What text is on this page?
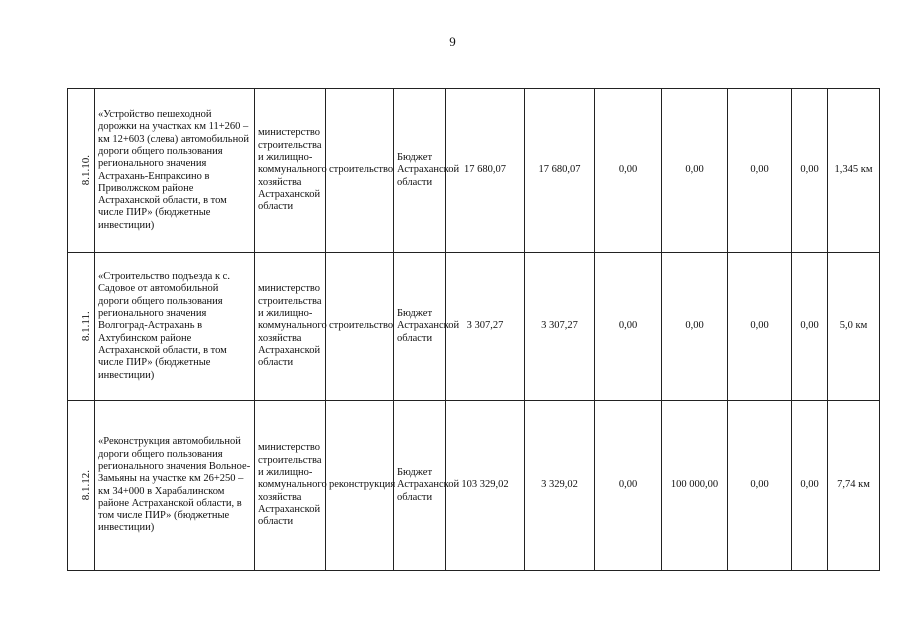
9
8.1.10.	«Устройство пешеходной дорожки на участках км 11+260 – км 12+603 (слева) автомобильной дороги общего пользования регионального значения Астрахань-Енпраксино в Приволжском районе Астраханской области, в том числе ПИР» (бюджетные инвестиции)	министерство строительства и жилищно-коммунального хозяйства Астраханской области	строительство	Бюджет Астраханской области	17 680,07	17 680,07	0,00	0,00	0,00	0,00	1,345 км
8.1.11.	«Строительство подъезда к с. Садовое от автомобильной дороги общего пользования регионального значения Волгоград-Астрахань в Ахтубинском районе Астраханской области, в том числе ПИР» (бюджетные инвестиции)	министерство строительства и жилищно-коммунального хозяйства Астраханской области	строительство	Бюджет Астраханской области	3 307,27	3 307,27	0,00	0,00	0,00	0,00	5,0 км
8.1.12.	«Реконструкция автомобильной дороги общего пользования регионального значения Вольное-Замьяны на участке км 26+250 – км 34+000 в Харабалинском районе Астраханской области, в том числе ПИР» (бюджетные инвестиции)	министерство строительства и жилищно-коммунального хозяйства Астраханской области	реконструкция	Бюджет Астраханской области	103 329,02	3 329,02	0,00	100 000,00	0,00	0,00	7,74 км
